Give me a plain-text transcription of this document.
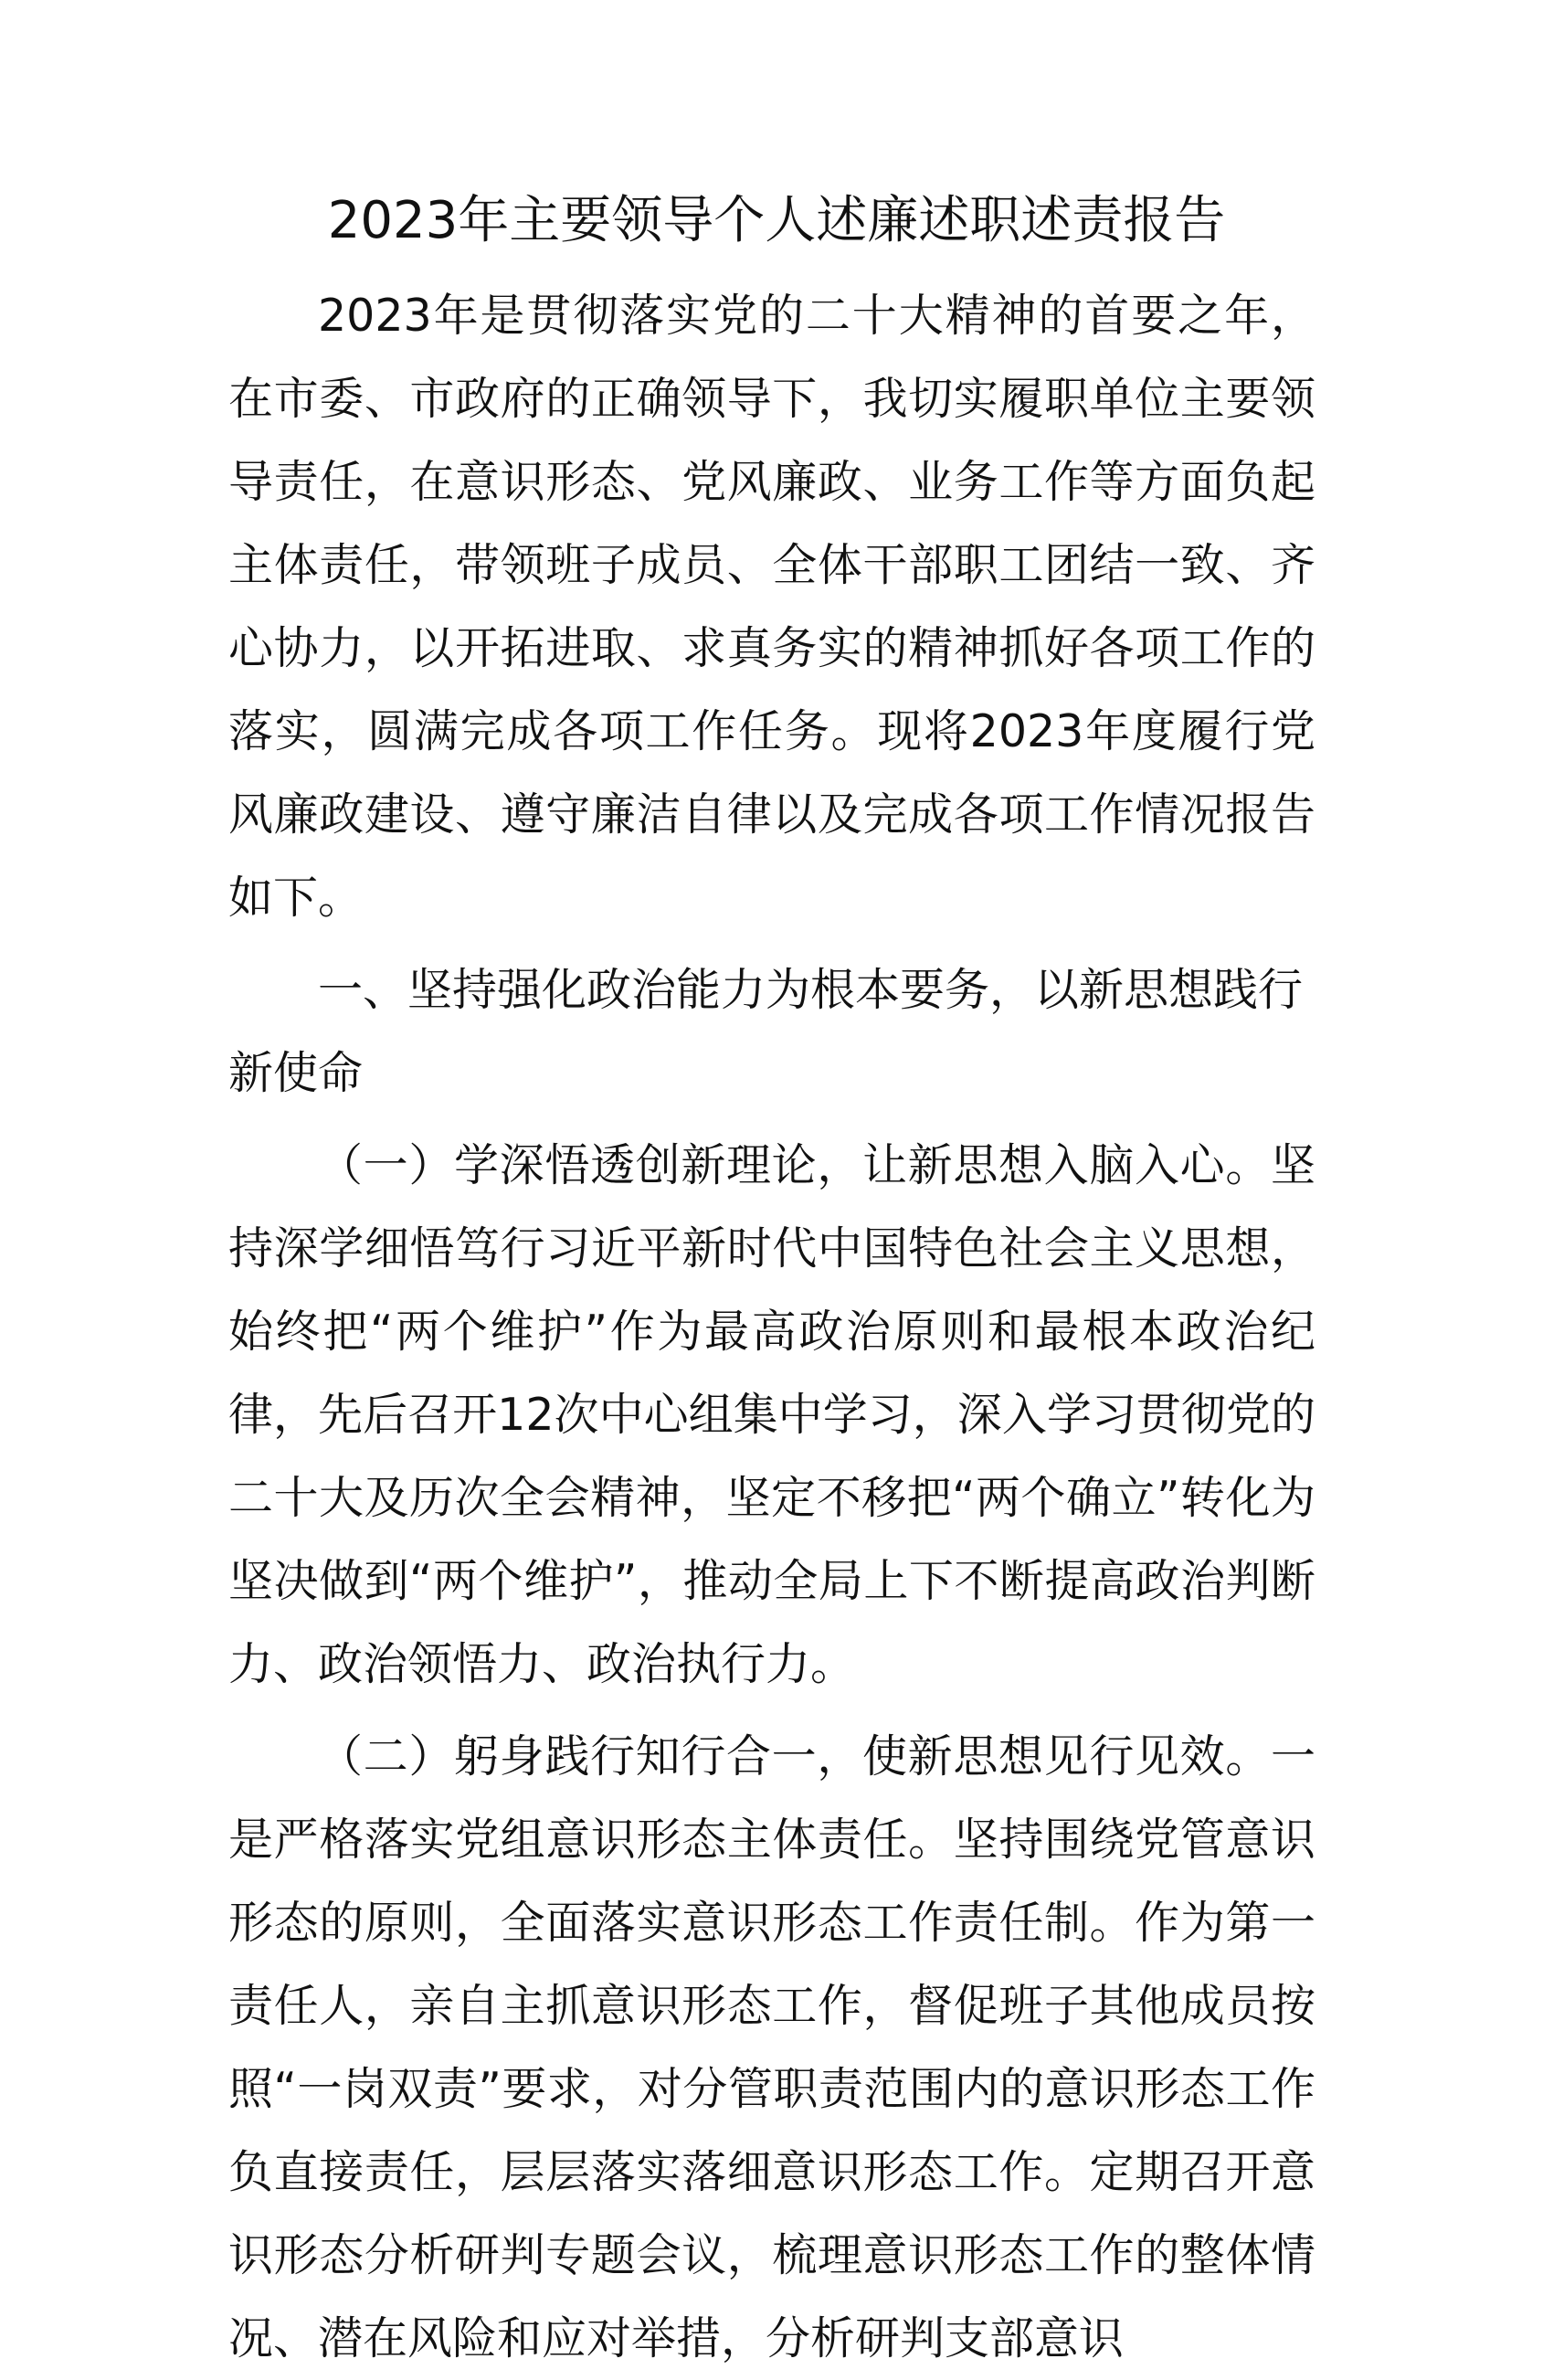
2023年主要领导个人述廉述职述责报告

2023年是贯彻落实党的二十大精神的首要之年，在市委、市政府的正确领导下，我切实履职单位主要领导责任，在意识形态、党风廉政、业务工作等方面负起主体责任，带领班子成员、全体干部职工团结一致、齐心协力，以开拓进取、求真务实的精神抓好各项工作的落实，圆满完成各项工作任务。现将2023年度履行党风廉政建设、遵守廉洁自律以及完成各项工作情况报告如下。

一、坚持强化政治能力为根本要务，以新思想践行新使命

（一）学深悟透创新理论，让新思想入脑入心。坚持深学细悟笃行习近平新时代中国特色社会主义思想，始终把“两个维护”作为最高政治原则和最根本政治纪律，先后召开12次中心组集中学习，深入学习贯彻党的二十大及历次全会精神，坚定不移把“两个确立”转化为坚决做到“两个维护”，推动全局上下不断提高政治判断力、政治领悟力、政治执行力。

（二）躬身践行知行合一，使新思想见行见效。一是严格落实党组意识形态主体责任。坚持围绕党管意识形态的原则，全面落实意识形态工作责任制。作为第一责任人，亲自主抓意识形态工作，督促班子其他成员按照“一岗双责”要求，对分管职责范围内的意识形态工作负直接责任，层层落实落细意识形态工作。定期召开意识形态分析研判专题会议，梳理意识形态工作的整体情况、潜在风险和应对举措，分析研判支部意识
